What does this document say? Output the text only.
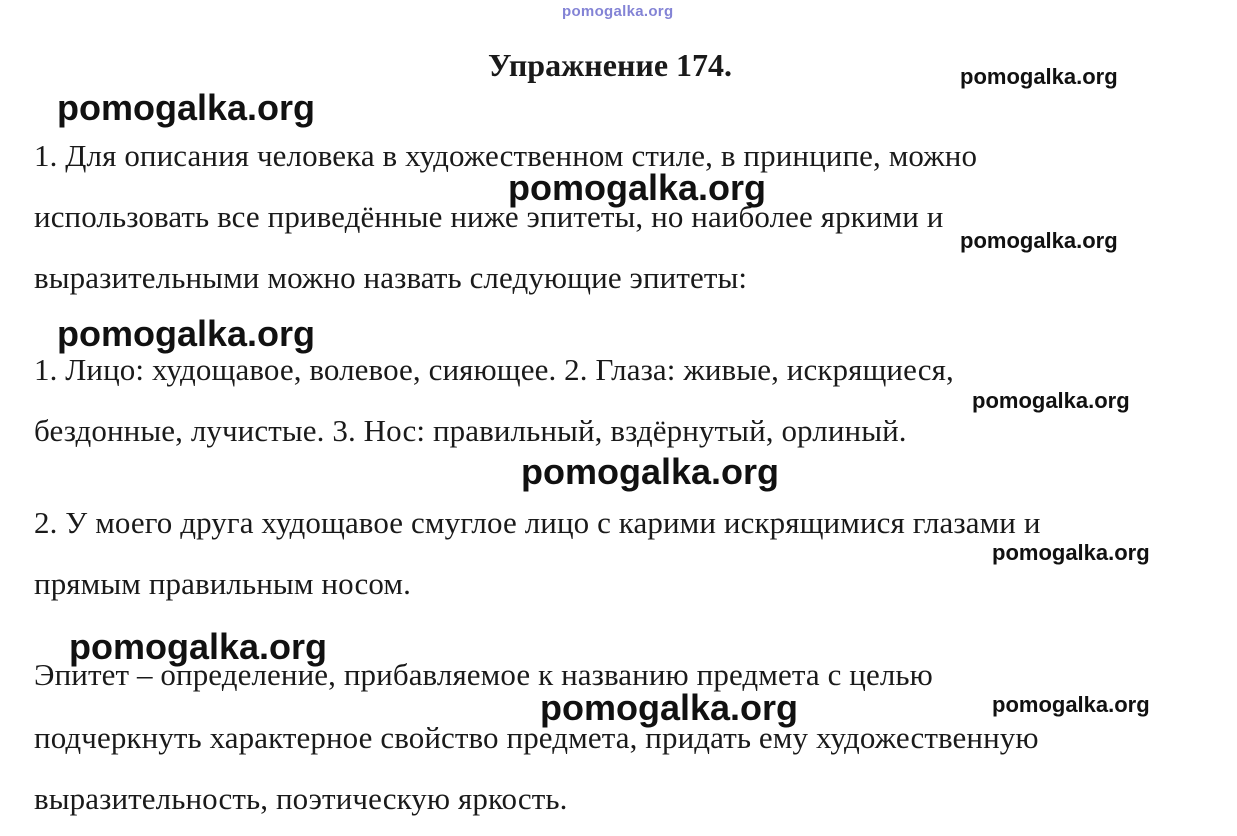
pomogalka.org
Упражнение 174.
1. Для описания человека в художественном стиле, в принципе, можно
использовать все приведённые ниже эпитеты, но наиболее яркими и
выразительными можно назвать следующие эпитеты:
1. Лицо: худощавое, волевое, сияющее. 2. Глаза: живые, искрящиеся,
бездонные, лучистые. 3. Нос: правильный, вздёрнутый, орлиный.
2. У моего друга худощавое смуглое лицо с карими искрящимися глазами и
прямым правильным носом.
Эпитет – определение, прибавляемое к названию предмета с целью
подчеркнуть характерное свойство предмета, придать ему художественную
выразительность, поэтическую яркость.
pomogalka.org
pomogalka.org
pomogalka.org
pomogalka.org
pomogalka.org
pomogalka.org
pomogalka.org
pomogalka.org
pomogalka.org
pomogalka.org	pomogalka.org
